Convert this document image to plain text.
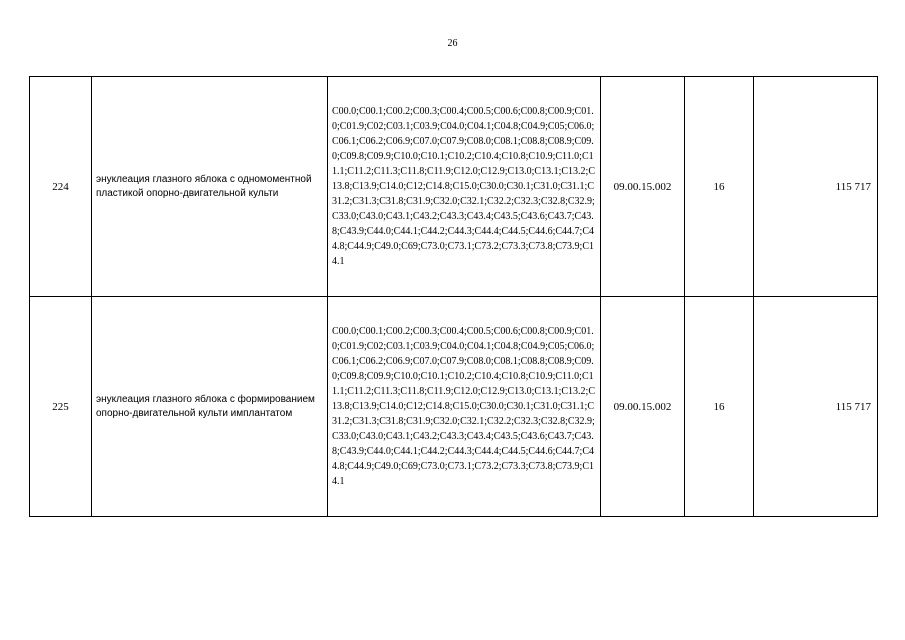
26
224	энуклеация глазного яблока с одномоментной пластикой опорно-двигательной культи	C00.0;C00.1;C00.2;C00.3;C00.4;C00.5;C00.6;C00.8;C00.9;C01.0;C01.9;C02;C03.1;C03.9;C04.0;C04.1;C04.8;C04.9;C05;C06.0;C06.1;C06.2;C06.9;C07.0;C07.9;C08.0;C08.1;C08.8;C08.9;C09.0;C09.8;C09.9;C10.0;C10.1;C10.2;C10.4;C10.8;C10.9;C11.0;C11.1;C11.2;C11.3;C11.8;C11.9;C12.0;C12.9;C13.0;C13.1;C13.2;C13.8;C13.9;C14.0;C12;C14.8;C15.0;C30.0;C30.1;C31.0;C31.1;C31.2;C31.3;C31.8;C31.9;C32.0;C32.1;C32.2;C32.3;C32.8;C32.9;C33.0;C43.0;C43.1;C43.2;C43.3;C43.4;C43.5;C43.6;C43.7;C43.8;C43.9;C44.0;C44.1;C44.2;C44.3;C44.4;C44.5;C44.6;C44.7;C44.8;C44.9;C49.0;C69;C73.0;C73.1;C73.2;C73.3;C73.8;C73.9;C14.1	09.00.15.002	16	115 717
225	энуклеация глазного яблока с формированием опорно-двигательной культи имплантатом	C00.0;C00.1;C00.2;C00.3;C00.4;C00.5;C00.6;C00.8;C00.9;C01.0;C01.9;C02;C03.1;C03.9;C04.0;C04.1;C04.8;C04.9;C05;C06.0;C06.1;C06.2;C06.9;C07.0;C07.9;C08.0;C08.1;C08.8;C08.9;C09.0;C09.8;C09.9;C10.0;C10.1;C10.2;C10.4;C10.8;C10.9;C11.0;C11.1;C11.2;C11.3;C11.8;C11.9;C12.0;C12.9;C13.0;C13.1;C13.2;C13.8;C13.9;C14.0;C12;C14.8;C15.0;C30.0;C30.1;C31.0;C31.1;C31.2;C31.3;C31.8;C31.9;C32.0;C32.1;C32.2;C32.3;C32.8;C32.9;C33.0;C43.0;C43.1;C43.2;C43.3;C43.4;C43.5;C43.6;C43.7;C43.8;C43.9;C44.0;C44.1;C44.2;C44.3;C44.4;C44.5;C44.6;C44.7;C44.8;C44.9;C49.0;C69;C73.0;C73.1;C73.2;C73.3;C73.8;C73.9;C14.1	09.00.15.002	16	115 717
